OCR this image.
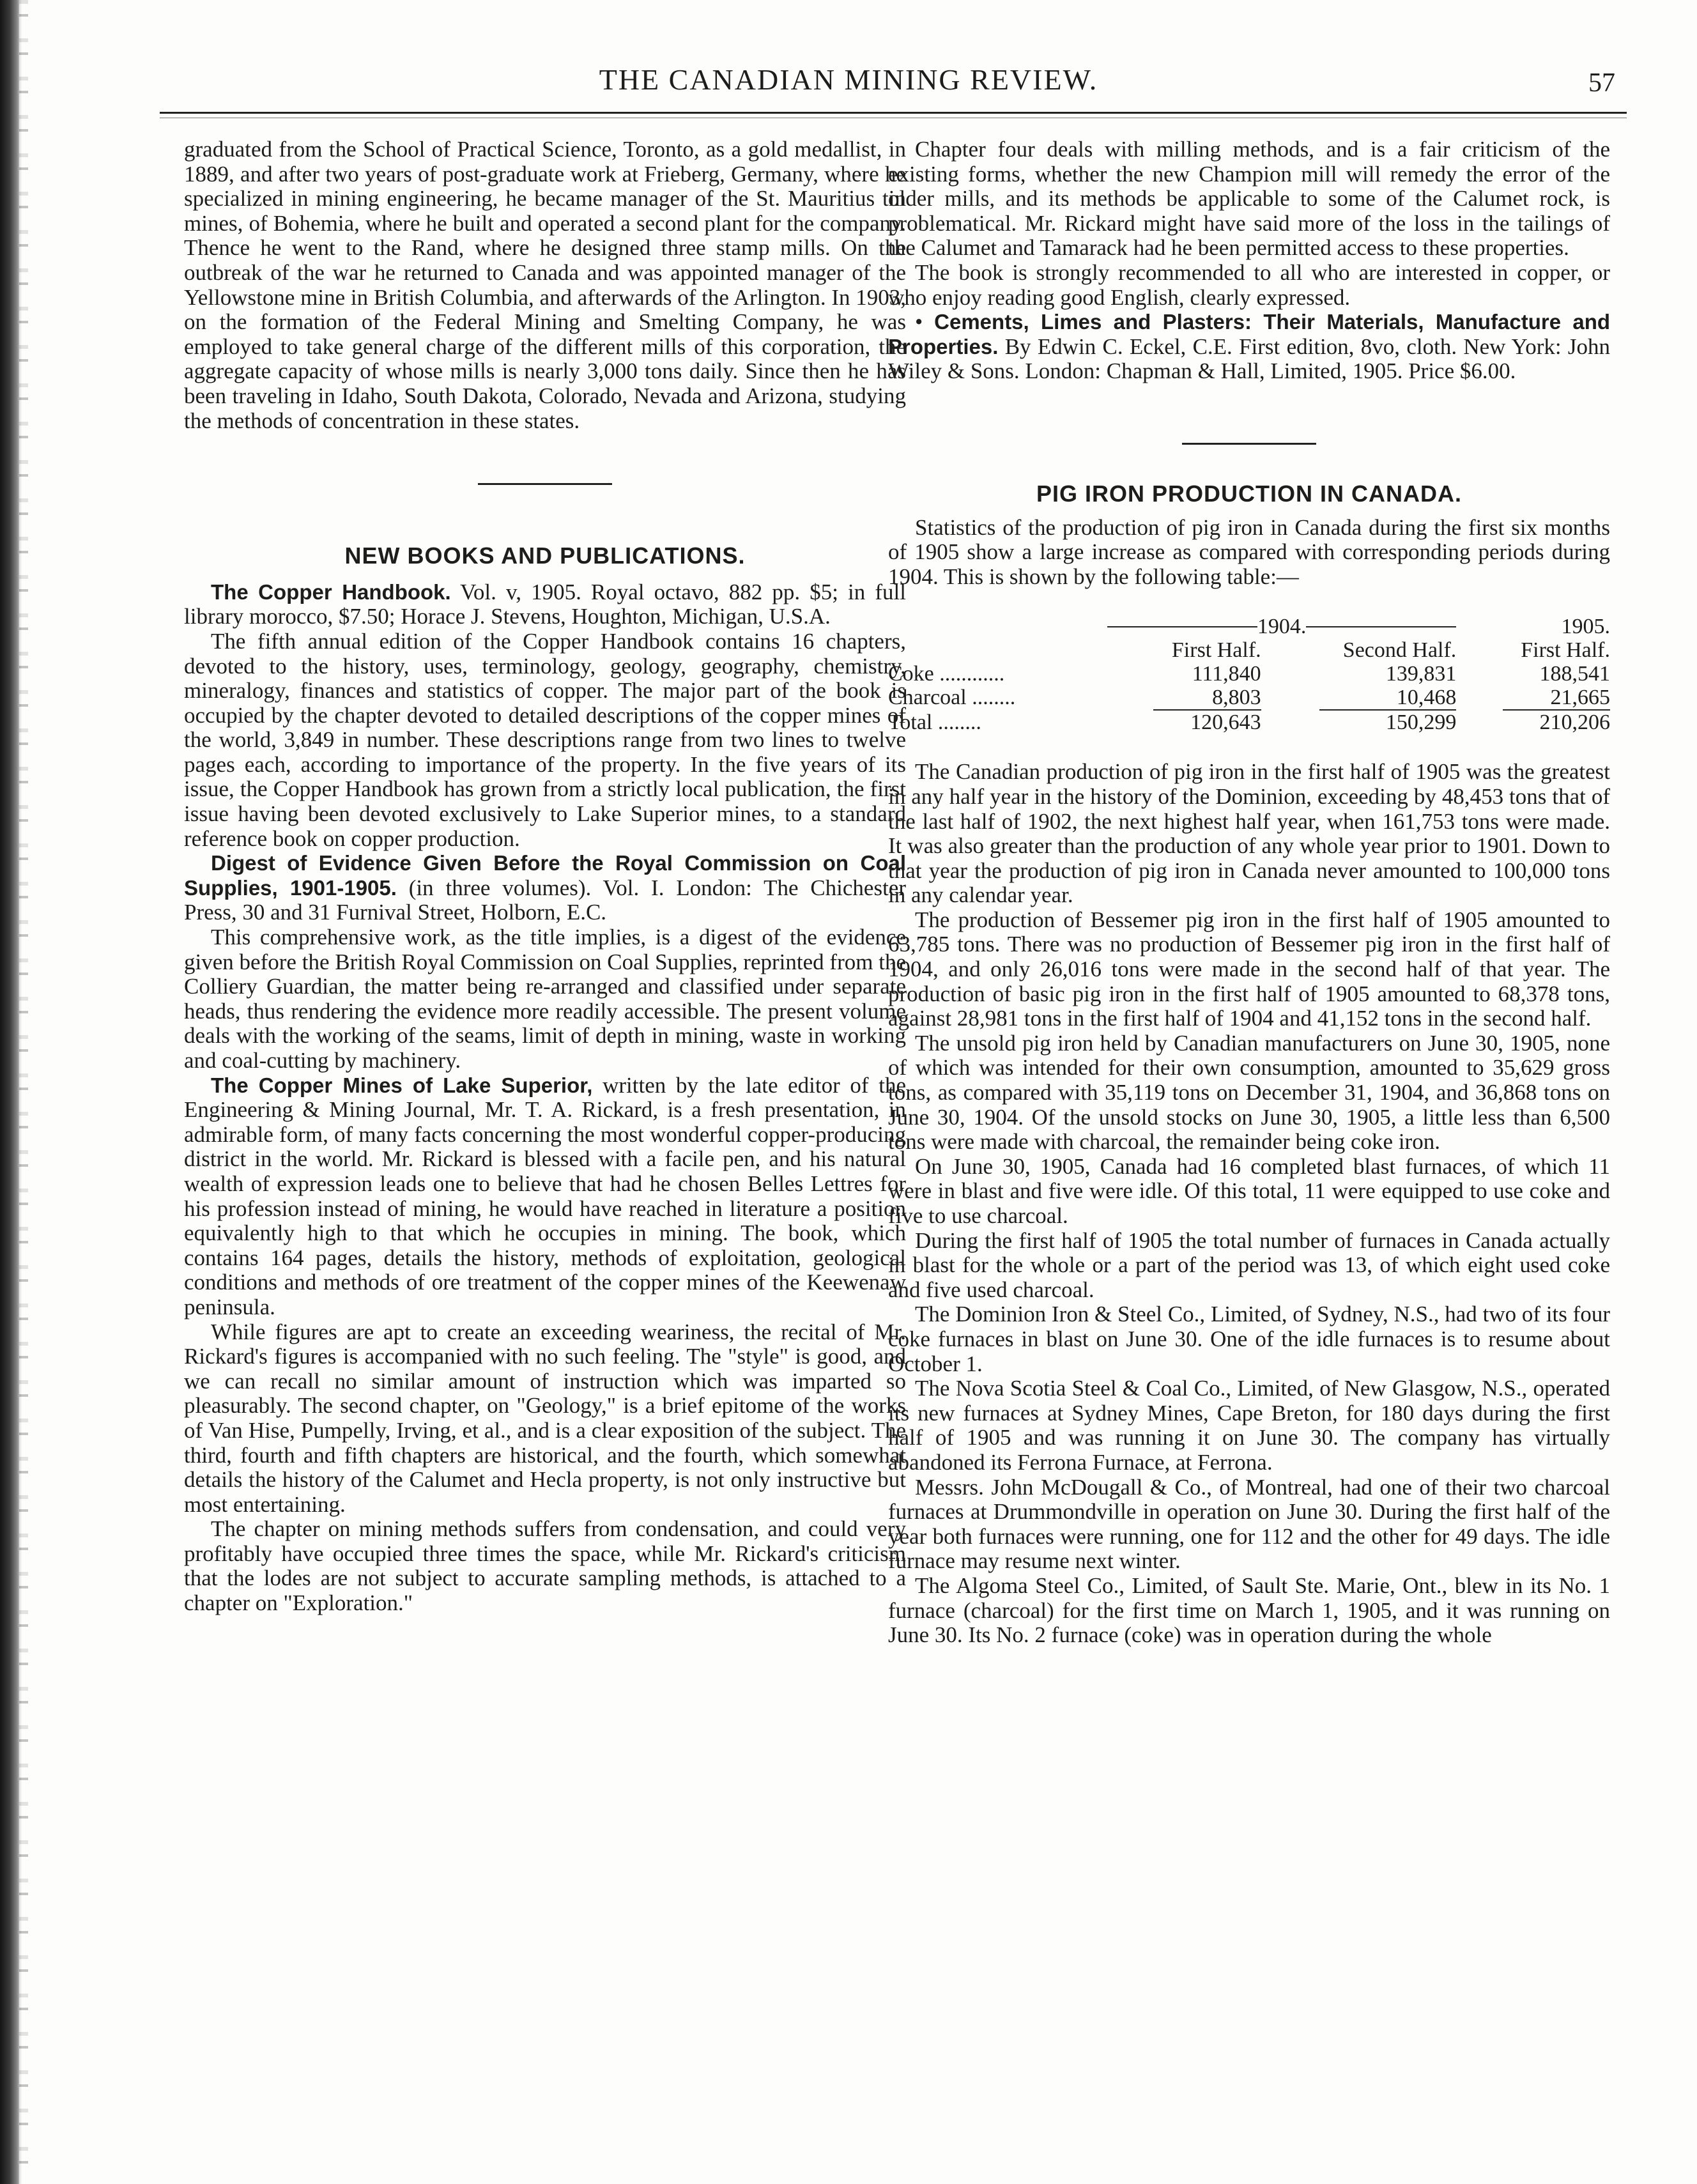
THE CANADIAN MINING REVIEW.	57

graduated from the School of Practical Science, Toronto, as a gold medallist, in 1889, and after two years of post-graduate work at Frieberg, Germany, where he specialized in mining engineering, he became manager of the St. Mauritius tin mines, of Bohemia, where he built and operated a second plant for the company. Thence he went to the Rand, where he designed three stamp mills. On the outbreak of the war he returned to Canada and was appointed manager of the Yellowstone mine in British Columbia, and afterwards of the Arlington. In 1903, on the formation of the Federal Mining and Smelting Company, he was employed to take general charge of the different mills of this corporation, the aggregate capacity of whose mills is nearly 3,000 tons daily. Since then he has been traveling in Idaho, South Dakota, Colorado, Nevada and Arizona, studying the methods of concentration in these states.

NEW BOOKS AND PUBLICATIONS.

The Copper Handbook. Vol. v, 1905. Royal octavo, 882 pp. $5; in full library morocco, $7.50; Horace J. Stevens, Houghton, Michigan, U.S.A.

The fifth annual edition of the Copper Handbook contains 16 chapters, devoted to the history, uses, terminology, geology, geography, chemistry, mineralogy, finances and statistics of copper. The major part of the book is occupied by the chapter devoted to detailed descriptions of the copper mines of the world, 3,849 in number. These descriptions range from two lines to twelve pages each, according to importance of the property. In the five years of its issue, the Copper Handbook has grown from a strictly local publication, the first issue having been devoted exclusively to Lake Superior mines, to a standard reference book on copper production.

Digest of Evidence Given Before the Royal Commission on Coal Supplies, 1901-1905. (in three volumes). Vol. I. London: The Chichester Press, 30 and 31 Furnival Street, Holborn, E.C.

This comprehensive work, as the title implies, is a digest of the evidence given before the British Royal Commission on Coal Supplies, reprinted from the Colliery Guardian, the matter being re-arranged and classified under separate heads, thus rendering the evidence more readily accessible. The present volume deals with the working of the seams, limit of depth in mining, waste in working and coal-cutting by machinery.

The Copper Mines of Lake Superior, written by the late editor of the Engineering & Mining Journal, Mr. T. A. Rickard, is a fresh presentation, in admirable form, of many facts concerning the most wonderful copper-producing district in the world. Mr. Rickard is blessed with a facile pen, and his natural wealth of expression leads one to believe that had he chosen Belles Lettres for his profession instead of mining, he would have reached in literature a position equivalently high to that which he occupies in mining. The book, which contains 164 pages, details the history, methods of exploitation, geological conditions and methods of ore treatment of the copper mines of the Keewenaw peninsula.

While figures are apt to create an exceeding weariness, the recital of Mr. Rickard's figures is accompanied with no such feeling. The "style" is good, and we can recall no similar amount of instruction which was imparted so pleasurably. The second chapter, on "Geology," is a brief epitome of the works of Van Hise, Pumpelly, Irving, et al., and is a clear exposition of the subject. The third, fourth and fifth chapters are historical, and the fourth, which somewhat details the history of the Calumet and Hecla property, is not only instructive but most entertaining.

The chapter on mining methods suffers from condensation, and could very profitably have occupied three times the space, while Mr. Rickard's criticism that the lodes are not subject to accurate sampling methods, is attached to a chapter on "Exploration."

Chapter four deals with milling methods, and is a fair criticism of the existing forms, whether the new Champion mill will remedy the error of the older mills, and its methods be applicable to some of the Calumet rock, is problematical. Mr. Rickard might have said more of the loss in the tailings of the Calumet and Tamarack had he been permitted access to these properties.

The book is strongly recommended to all who are interested in copper, or who enjoy reading good English, clearly expressed.

• Cements, Limes and Plasters: Their Materials, Manufacture and Properties. By Edwin C. Eckel, C.E. First edition, 8vo, cloth. New York: John Wiley & Sons. London: Chapman & Hall, Limited, 1905. Price $6.00.

PIG IRON PRODUCTION IN CANADA.

Statistics of the production of pig iron in Canada during the first six months of 1905 show a large increase as compared with corresponding periods during 1904. This is shown by the following table:—

	1904.		1905.
	First Half.	Second Half.	First Half.
Coke ............	111,840	139,831	188,541
Charcoal ........	8,803	10,468	21,665

Total ........	120,643	150,299	210,206

The Canadian production of pig iron in the first half of 1905 was the greatest in any half year in the history of the Dominion, exceeding by 48,453 tons that of the last half of 1902, the next highest half year, when 161,753 tons were made. It was also greater than the production of any whole year prior to 1901. Down to that year the production of pig iron in Canada never amounted to 100,000 tons in any calendar year.

The production of Bessemer pig iron in the first half of 1905 amounted to 63,785 tons. There was no production of Bessemer pig iron in the first half of 1904, and only 26,016 tons were made in the second half of that year. The production of basic pig iron in the first half of 1905 amounted to 68,378 tons, against 28,981 tons in the first half of 1904 and 41,152 tons in the second half.

The unsold pig iron held by Canadian manufacturers on June 30, 1905, none of which was intended for their own consumption, amounted to 35,629 gross tons, as compared with 35,119 tons on December 31, 1904, and 36,868 tons on June 30, 1904. Of the unsold stocks on June 30, 1905, a little less than 6,500 tons were made with charcoal, the remainder being coke iron.

On June 30, 1905, Canada had 16 completed blast furnaces, of which 11 were in blast and five were idle. Of this total, 11 were equipped to use coke and five to use charcoal.

During the first half of 1905 the total number of furnaces in Canada actually in blast for the whole or a part of the period was 13, of which eight used coke and five used charcoal.

The Dominion Iron & Steel Co., Limited, of Sydney, N.S., had two of its four coke furnaces in blast on June 30. One of the idle furnaces is to resume about October 1.

The Nova Scotia Steel & Coal Co., Limited, of New Glasgow, N.S., operated its new furnaces at Sydney Mines, Cape Breton, for 180 days during the first half of 1905 and was running it on June 30. The company has virtually abandoned its Ferrona Furnace, at Ferrona.

Messrs. John McDougall & Co., of Montreal, had one of their two charcoal furnaces at Drummondville in operation on June 30. During the first half of the year both furnaces were running, one for 112 and the other for 49 days. The idle furnace may resume next winter.

The Algoma Steel Co., Limited, of Sault Ste. Marie, Ont., blew in its No. 1 furnace (charcoal) for the first time on March 1, 1905, and it was running on June 30. Its No. 2 furnace (coke) was in operation during the whole
